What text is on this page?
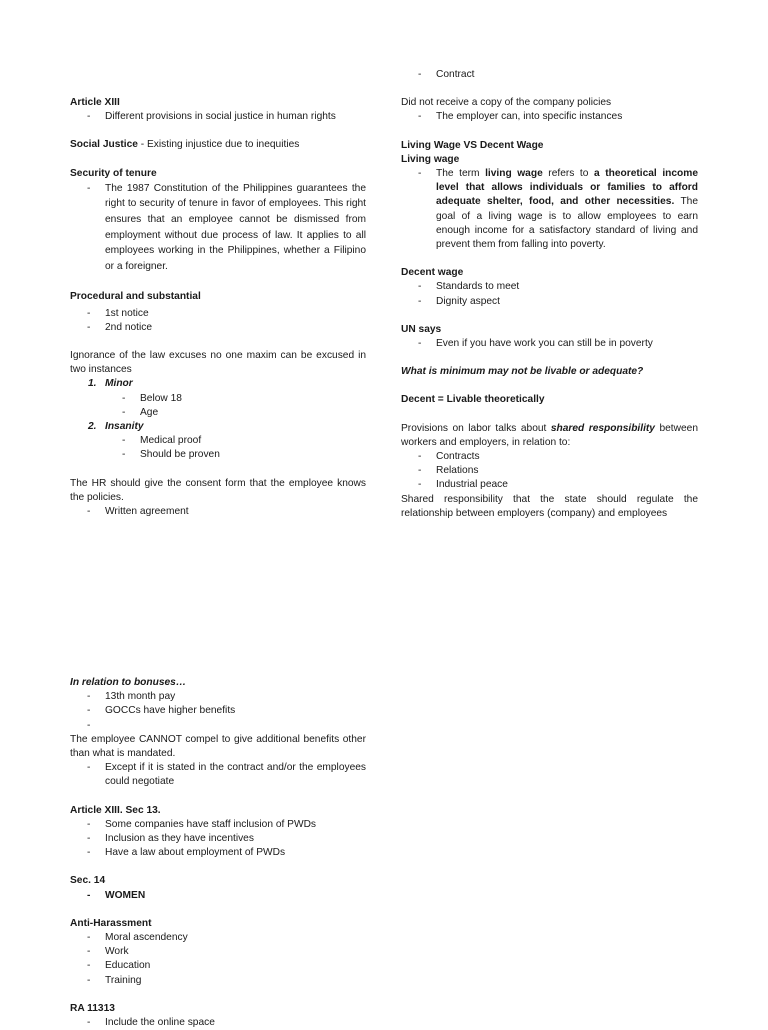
Article XIII

- Different provisions in social justice in human rights

Social Justice - Existing injustice due to inequities

Security of tenure

- The 1987 Constitution of the Philippines guarantees the right to security of tenure in favor of employees. This right ensures that an employee cannot be dismissed from employment without due process of law. It applies to all employees working in the Philippines, whether a Filipino or a foreigner.

Procedural and substantial

- 1st notice

- 2nd notice

Ignorance of the law excuses no one maxim can be excused in two instances

1. Minor

- Below 18

- Age

2. Insanity

- Medical proof

- Should be proven

The HR should give the consent form that the employee knows the policies.

- Written agreement

- Contract

Did not receive a copy of the company policies

- The employer can, into specific instances

Living Wage VS Decent Wage

Living wage

- The term living wage refers to a theoretical income level that allows individuals or families to afford adequate shelter, food, and other necessities. The goal of a living wage is to allow employees to earn enough income for a satisfactory standard of living and prevent them from falling into poverty.

Decent wage

- Standards to meet

- Dignity aspect

UN says

- Even if you have work you can still be in poverty

What is minimum may not be livable or adequate?

Decent = Livable theoretically

Provisions on labor talks about shared responsibility between workers and employers, in relation to:

- Contracts

- Relations

- Industrial peace

Shared responsibility that the state should regulate the relationship between employers (company) and employees

In relation to bonuses…

- 13th month pay

- GOCCs have higher benefits

-

The employee CANNOT compel to give additional benefits other than what is mandated.

- Except if it is stated in the contract and/or the employees could negotiate

Article XIII. Sec 13.

- Some companies have staff inclusion of PWDs

- Inclusion as they have incentives

- Have a law about employment of PWDs

Sec. 14

- WOMEN

Anti-Harassment

- Moral ascendency

- Work

- Education

- Training

RA 11313

- Include the online space
